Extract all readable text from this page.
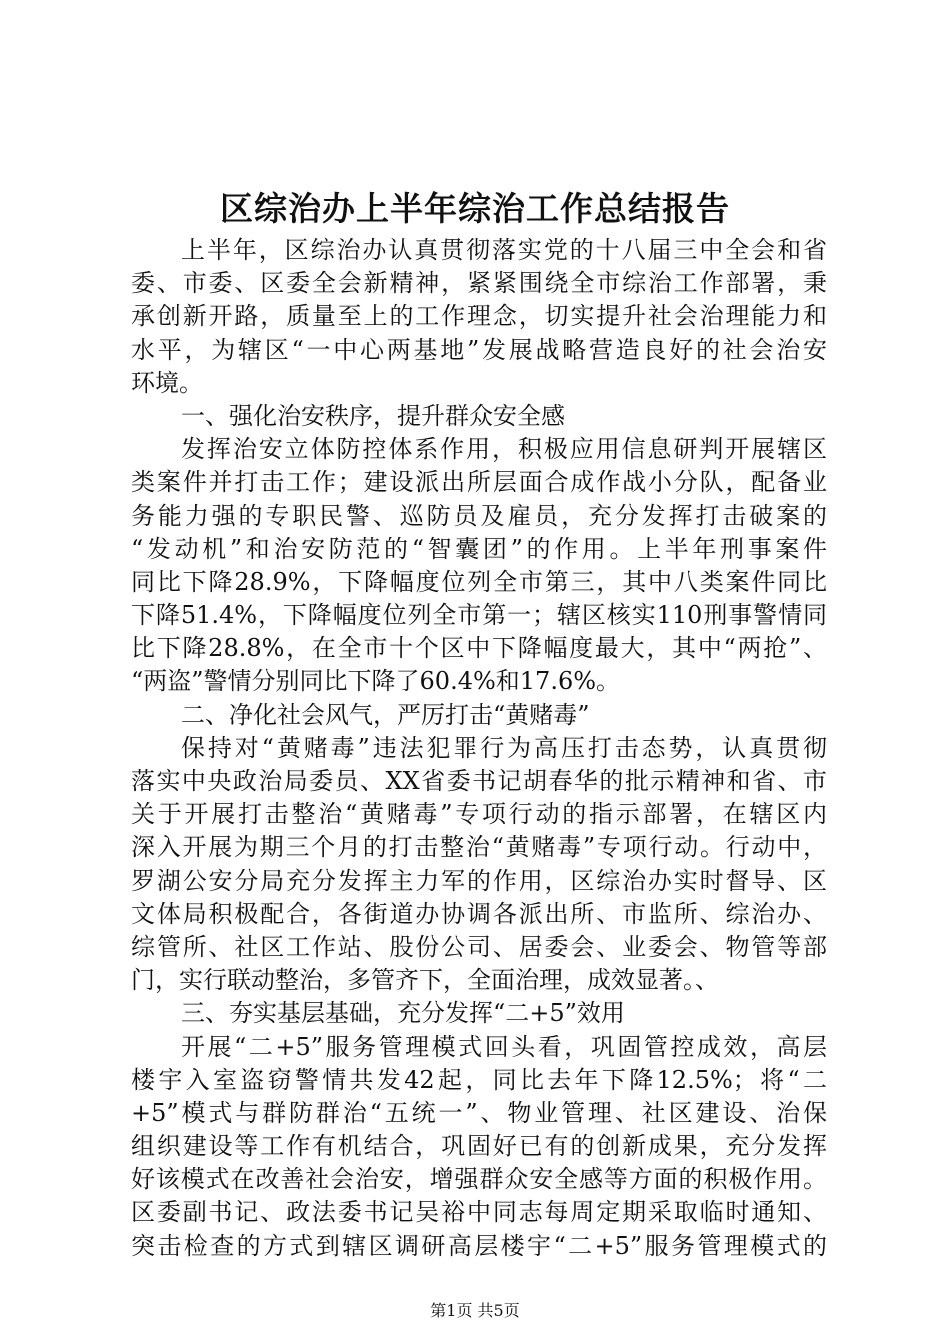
区综治办上半年综治工作总结报告
上半年，区综治办认真贯彻落实党的十八届三中全会和省
委、市委、区委全会新精神，紧紧围绕全市综治工作部署，秉
承创新开路，质量至上的工作理念，切实提升社会治理能力和
水平，为辖区“一中心两基地”发展战略营造良好的社会治安
环境。
一、强化治安秩序，提升群众安全感
发挥治安立体防控体系作用，积极应用信息研判开展辖区
类案件并打击工作；建设派出所层面合成作战小分队，配备业
务能力强的专职民警、巡防员及雇员，充分发挥打击破案的
“发动机”和治安防范的“智囊团”的作用。上半年刑事案件
同比下降28.9%，下降幅度位列全市第三，其中八类案件同比
下降51.4%，下降幅度位列全市第一；辖区核实110刑事警情同
比下降28.8%，在全市十个区中下降幅度最大，其中“两抢”、
“两盗”警情分别同比下降了60.4%和17.6%。
二、净化社会风气，严厉打击“黄赌毒”
保持对“黄赌毒”违法犯罪行为高压打击态势，认真贯彻
落实中央政治局委员、XX省委书记胡春华的批示精神和省、市
关于开展打击整治“黄赌毒”专项行动的指示部署，在辖区内
深入开展为期三个月的打击整治“黄赌毒”专项行动。行动中，
罗湖公安分局充分发挥主力军的作用，区综治办实时督导、区
文体局积极配合，各街道办协调各派出所、市监所、综治办、
综管所、社区工作站、股份公司、居委会、业委会、物管等部
门，实行联动整治，多管齐下，全面治理，成效显著。、
三、夯实基层基础，充分发挥“二+5”效用
开展“二+5”服务管理模式回头看，巩固管控成效，高层
楼宇入室盗窃警情共发42起，同比去年下降12.5%；将“二
+5”模式与群防群治“五统一”、物业管理、社区建设、治保
组织建设等工作有机结合，巩固好已有的创新成果，充分发挥
好该模式在改善社会治安，增强群众安全感等方面的积极作用。
区委副书记、政法委书记吴裕中同志每周定期采取临时通知、
突击检查的方式到辖区调研高层楼宇“二+5”服务管理模式的
第1页 共5页
